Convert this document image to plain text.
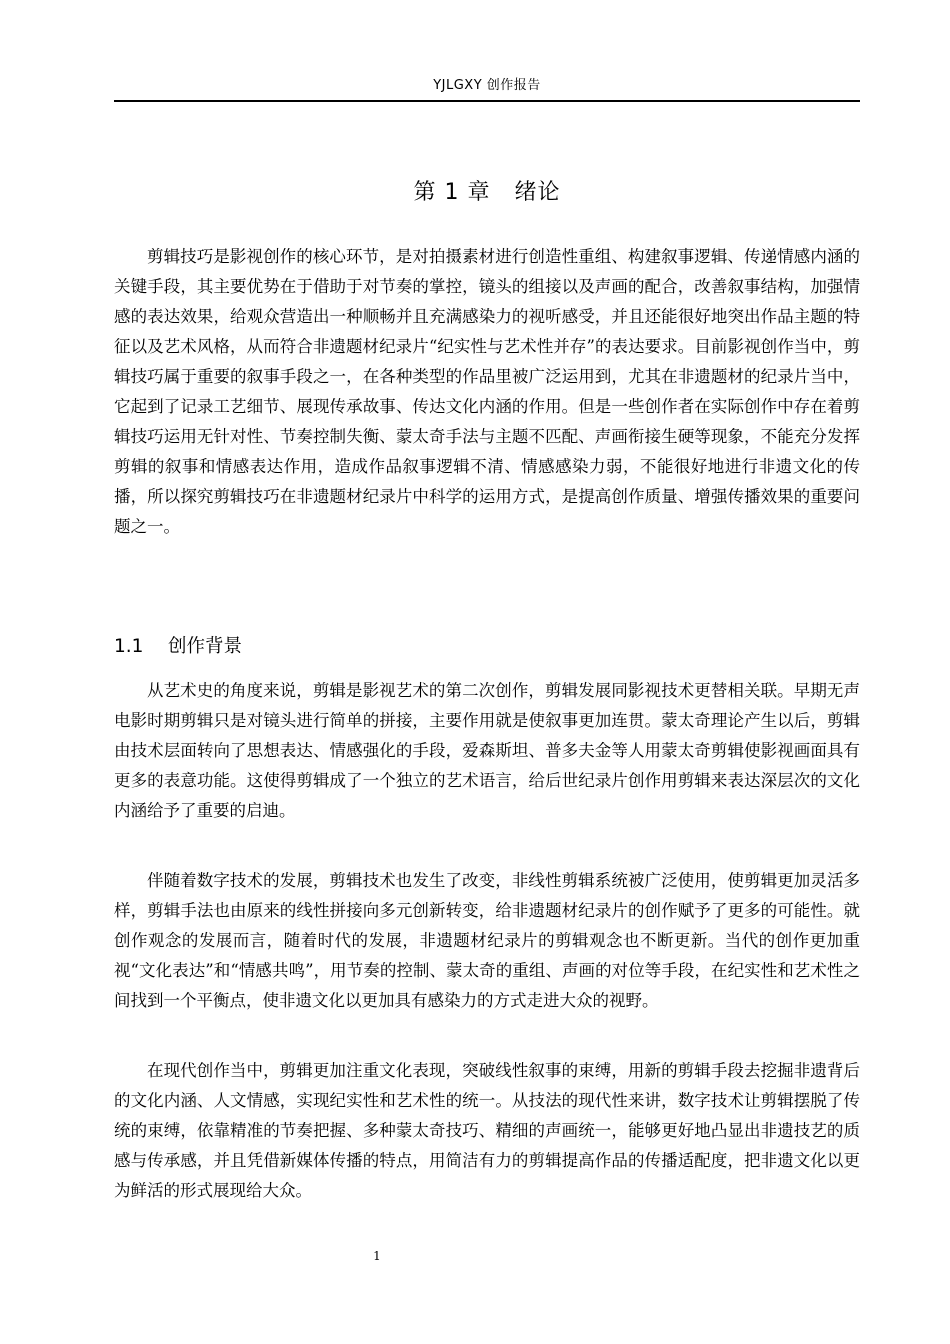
YJLGXY 创作报告
第 1 章 绪论

剪辑技巧是影视创作的核心环节，是对拍摄素材进行创造性重组、构建叙事逻辑、传递情感内涵的关键手段，其主要优势在于借助于对节奏的掌控，镜头的组接以及声画的配合，改善叙事结构，加强情感的表达效果，给观众营造出一种顺畅并且充满感染力的视听感受，并且还能很好地突出作品主题的特征以及艺术风格，从而符合非遗题材纪录片“纪实性与艺术性并存”的表达要求。目前影视创作当中，剪辑技巧属于重要的叙事手段之一，在各种类型的作品里被广泛运用到，尤其在非遗题材的纪录片当中，它起到了记录工艺细节、展现传承故事、传达文化内涵的作用。但是一些创作者在实际创作中存在着剪辑技巧运用无针对性、节奏控制失衡、蒙太奇手法与主题不匹配、声画衔接生硬等现象，不能充分发挥剪辑的叙事和情感表达作用，造成作品叙事逻辑不清、情感感染力弱，不能很好地进行非遗文化的传播，所以探究剪辑技巧在非遗题材纪录片中科学的运用方式，是提高创作质量、增强传播效果的重要问题之一。

1.1 创作背景

从艺术史的角度来说，剪辑是影视艺术的第二次创作，剪辑发展同影视技术更替相关联。早期无声电影时期剪辑只是对镜头进行简单的拼接，主要作用就是使叙事更加连贯。蒙太奇理论产生以后，剪辑由技术层面转向了思想表达、情感强化的手段，爱森斯坦、普多夫金等人用蒙太奇剪辑使影视画面具有更多的表意功能。这使得剪辑成了一个独立的艺术语言，给后世纪录片创作用剪辑来表达深层次的文化内涵给予了重要的启迪。

伴随着数字技术的发展，剪辑技术也发生了改变，非线性剪辑系统被广泛使用，使剪辑更加灵活多样，剪辑手法也由原来的线性拼接向多元创新转变，给非遗题材纪录片的创作赋予了更多的可能性。就创作观念的发展而言，随着时代的发展，非遗题材纪录片的剪辑观念也不断更新。当代的创作更加重视“文化表达”和“情感共鸣”，用节奏的控制、蒙太奇的重组、声画的对位等手段，在纪实性和艺术性之间找到一个平衡点，使非遗文化以更加具有感染力的方式走进大众的视野。

在现代创作当中，剪辑更加注重文化表现，突破线性叙事的束缚，用新的剪辑手段去挖掘非遗背后的文化内涵、人文情感，实现纪实性和艺术性的统一。从技法的现代性来讲，数字技术让剪辑摆脱了传统的束缚，依靠精准的节奏把握、多种蒙太奇技巧、精细的声画统一，能够更好地凸显出非遗技艺的质感与传承感，并且凭借新媒体传播的特点，用简洁有力的剪辑提高作品的传播适配度，把非遗文化以更为鲜活的形式展现给大众。

1
